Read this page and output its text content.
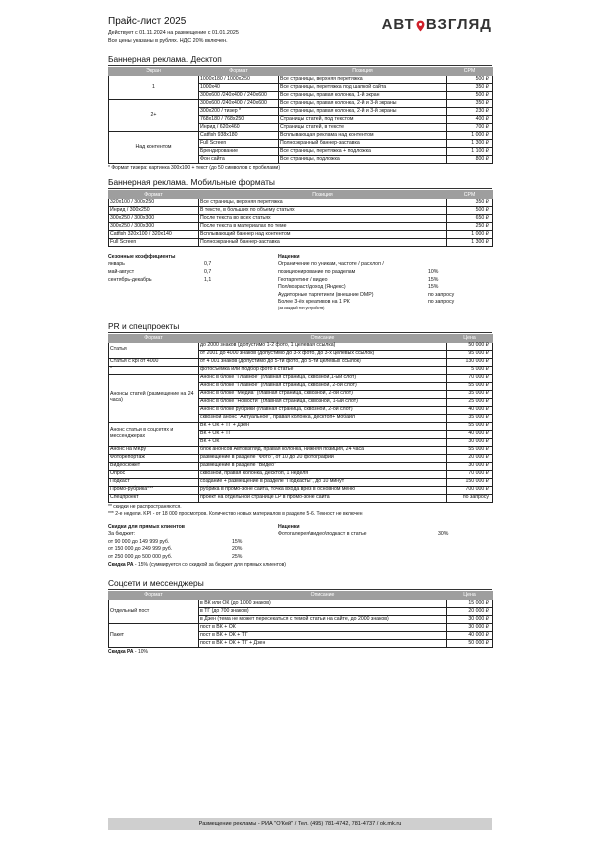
Прайс-лист 2025
Действует с 01.11.2024 на размещение с 01.01.2025
Все цены указаны в рублях. НДС 20% включен.
АВТ ВЗГЛЯД
Баннерная реклама. Десктоп
Экран	Формат	Позиция	CPM
1	1000x180 / 1000x250	Все страницы, верхняя перетяжка	500 ₽
	1000x40	Все страницы, перетяжка под шапкой сайта	350 ₽
	300x600 /240x400 / 240x600	Все страницы, правая колонка, 1-й экран	500 ₽
2+	300x600 /240x400 / 240x600	Все страницы, правая колонка, 2-й и 3-й экраны	350 ₽
	300x200 / тизер *	Все страницы, правая колонка, 2-й и 3-й экраны	230 ₽
	768x180 / 768x250	Страницы статей, под текстом	400 ₽
	Инрид / 620x460	Страницы статей, в тексте	700 ₽
Над контентом	Catfish 938x180	Всплывающая реклама над контентом	1 000 ₽
	Full Screen	Полноэкранный баннер-заставка	1 300 ₽
	Брендирование	Все страницы, перетяжка + подложка	1 100 ₽
	Фон сайта	Все страницы, подложка	800 ₽
* Формат тизера: картинка 300x100 + текст (до 50 символов с пробелами)
Баннерная реклама. Мобильные форматы
Формат	Позиция	CPM
320x100 / 300x250	Все страницы, верхняя перетяжка	350 ₽
Инрид / 300x250	В тексте, в больших по объему статьях	500 ₽
300x250 / 300x300	После текста во всех статьях	650 ₽
300x250 / 300x300	После текста в материалах по теме	250 ₽
Catfish 320x100 / 320x140	Всплывающий баннер над контентом	1 000 ₽
Full Screen	Полноэкранный баннер-заставка	1 300 ₽
Сезонные коэффициенты
январь	0,7
май-август	0,7
сентябрь-декабрь	1,1
Наценки
Ограничение по уникам, частоте / расхлоп /
позиционирование по разделам	10%
Геотаргетинг / видео	15%
Пол/возраст/доход (Яндекс)	15%
Аудиторные таргетинги (внешние DMP)	по запросу
Более 3-ёх креативов на 1 РК	по запросу
(за каждый тип устройств)
PR и спецпроекты
Формат	Описание	Цена
Статья	до 2000 знаков (допустимо 1-2 фото, 1 целевая ссылка)	50 000 ₽
	от 2001 до 4000 знаков (допустимо до 3-х фото, до 3-х целевых ссылок)	95 000 ₽
Статья с kpi от 4000	от 4 001 знаков (допустимо до 5-ти фото, до 5-ти целевых ссылок)	130 000 ₽
*	фотосъёмка или подбор фото к статье	5 000 ₽
Анонсы статей (размещение на 24 часа)	Анонс в блоке "Главное" (главная страница, сквозной,1-ый слот)	70 000 ₽
	Анонс в блоке "Главное" (главная страница, сквозной, 2-ой слот)	55 000 ₽
	Анонс в блоке "Медиа" (главная страница, сквозной, 2-ой слот)	35 000 ₽
	Анонс в блоке "Новости" (главная страница, сквозной, 1-ый слот)	25 000 ₽
	Анонс в блоке рубрики (главная страница, сквозной, 2-ой слот)	40 000 ₽
	сквозной анонс "Актуальное", правая колонка, десктоп+ мобайл	35 000 ₽
Анонс статьи в соцсетях и мессенджерах	ВК + ОК + ТГ + Дзен	55 000 ₽
	ВК + ОК + ТГ	40 000 ₽
	ВК + ОК	30 000 ₽
Анонс на МКру	блок анонсов Автовзгляд, правая колонка, нижняя позиция, 24 часа	55 000 ₽
Фоторепортаж	размещение в разделе "Фото", от 10 до 20 фотографий	20 000 ₽
Видеосюжет	размещение в разделе "Видео"	30 000 ₽
Опрос	сквозной, правая колонка, десктоп, 1 неделя	70 000 ₽
Подкаст	создание + размещение в разделе "Подкасты", до 10 минут	150 000 ₽
Промо-рубрика***	рубрика в промо-зоне сайта, точка входа врез в основном меню	700 000 ₽
Спецпроект	проект на отдельной странице LP в промо-зоне сайта	по запросу
** скидки не распространяются.
*** 2-е недели. KPI - от 18 000 просмотров. Количество новых материалов в разделе 5-6. Текност не включен
Скидки для прямых клиентов
За бюджет:
от 90 000 до 149 999 руб.	15%
от 150 000 до 249 999 руб.	20%
от 250 000 до 500 000 руб.	25%
Наценки
Фотогалерея\видео\подкаст в статье	30%
Скидка РА - 15% (суммируется со скидкой за бюджет для прямых клиентов)
Соцсети и мессенджеры
Формат	Описание	Цена
Отдельный пост	в ВК или ОК (до 1000 знаков)	15 000 ₽
	в ТГ (до 700 знаков)	20 000 ₽
	в Дзен (тема не может пересекаться с темой статьи на сайте, до 2000 знаков)	30 000 ₽
Пакет	пост в ВК + ОК	30 000 ₽
	пост в ВК + ОК + ТГ	40 000 ₽
	пост в ВК + ОК + ТГ + Дзен	50 000 ₽
Скидка РА - 10%
Размещение рекламы - РИА "О'Кей" / Тел. (495) 781-4742, 781-4737 / ok.mk.ru
